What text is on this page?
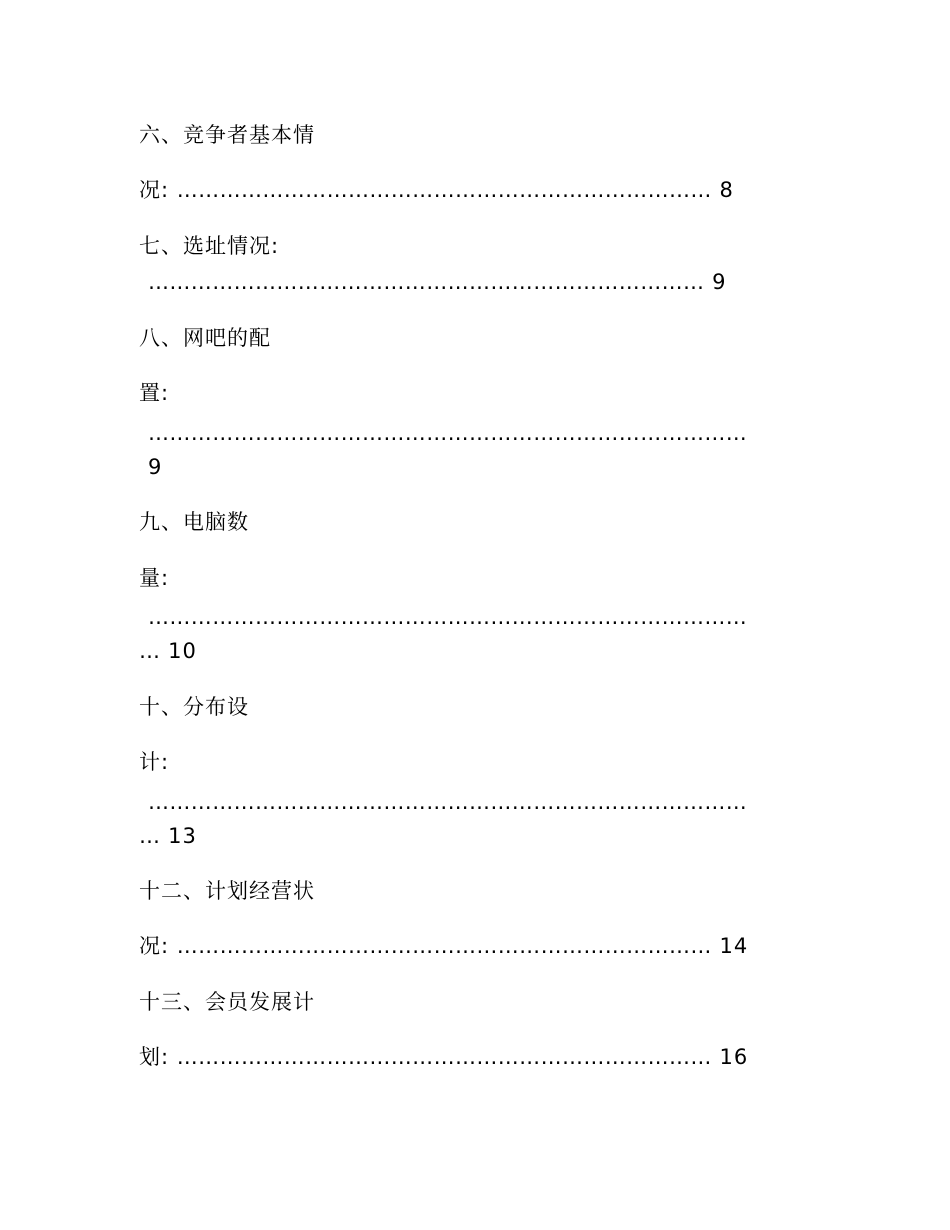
六、竞争者基本情
况: ………………………………………………………………… 8
七、选址情况:
…………………………………………………………………… 9
八、网吧的配
置:
…………………………………………………………………………
9
九、电脑数
量:
…………………………………………………………………………
… 10
十、分布设
计:
…………………………………………………………………………
… 13
十二、计划经营状
况: ………………………………………………………………… 14
十三、会员发展计
划: ………………………………………………………………… 16
